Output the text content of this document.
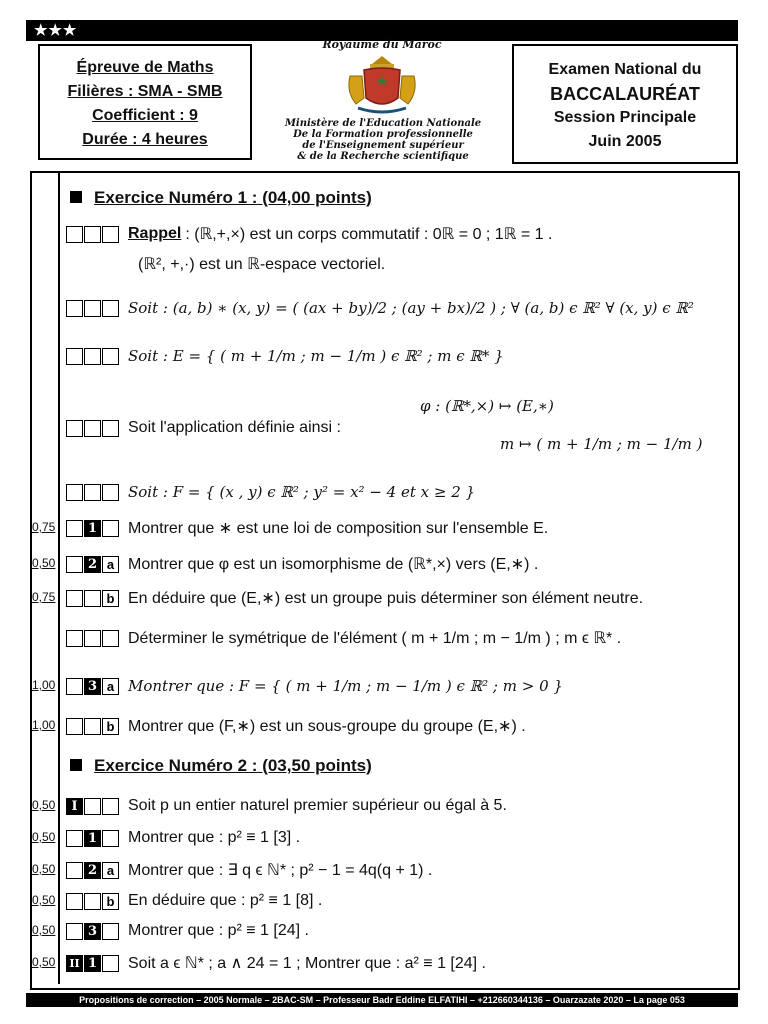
★★★
Épreuve de Maths
Filières : SMA - SMB
Coefficient : 9
Durée : 4 heures
Royaume du Maroc
Ministère de l'Education Nationale
De la Formation professionnelle
de l'Enseignement supérieur
& de la Recherche scientifique
Examen National du
BACCALAURÉAT
Session Principale
Juin 2005
Exercice Numéro 1 : (04,00 points)
Rappel : (ℝ,+,×) est un corps commutatif : 0ℝ = 0 ; 1ℝ = 1 .
(ℝ², +,·) est un ℝ-espace vectoriel.
Soit : (a, b) ∗ (x, y) = ( (ax + by)/2 ; (ay + bx)/2 ) ; ∀ (a, b) ϵ ℝ² ∀ (x, y) ϵ ℝ²
Soit : E = { ( m + 1/m ; m − 1/m ) ϵ ℝ² ; m ϵ ℝ* }
φ : (ℝ*,×) ↦ (E,∗)
Soit l'application définie ainsi :
m ↦ ( m + 1/m ; m − 1/m )
Soit : F = { (x , y) ϵ ℝ² ; y² = x² − 4 et x ≥ 2 }
0,75	1 Montrer que ∗ est une loi de composition sur l'ensemble E.
0,50	2 a Montrer que φ est un isomorphisme de (ℝ*,×) vers (E,∗) .
0,75	b En déduire que (E,∗) est un groupe puis déterminer son élément neutre.
Déterminer le symétrique de l'élément ( m + 1/m ; m − 1/m ) ; m ϵ ℝ* .
1,00	3 a Montrer que : F = { ( m + 1/m ; m − 1/m ) ϵ ℝ² ; m > 0 }
1,00	b Montrer que (F,∗) est un sous-groupe du groupe (E,∗) .
Exercice Numéro 2 : (03,50 points)
0,50	I	Soit p un entier naturel premier supérieur ou égal à 5.
0,50	1 Montrer que : p² ≡ 1 [3] .
0,50	2 a Montrer que : ∃ q ϵ ℕ* ; p² − 1 = 4q(q + 1) .
0,50	b En déduire que : p² ≡ 1 [8] .
0,50	3 Montrer que : p² ≡ 1 [24] .
0,50	II 1 Soit a ϵ ℕ* ; a ∧ 24 = 1 ; Montrer que : a² ≡ 1 [24] .
Propositions de correction – 2005 Normale – 2BAC-SM – Professeur Badr Eddine ELFATIHI – +212660344136 – Ouarzazate 2020 – La page 053
